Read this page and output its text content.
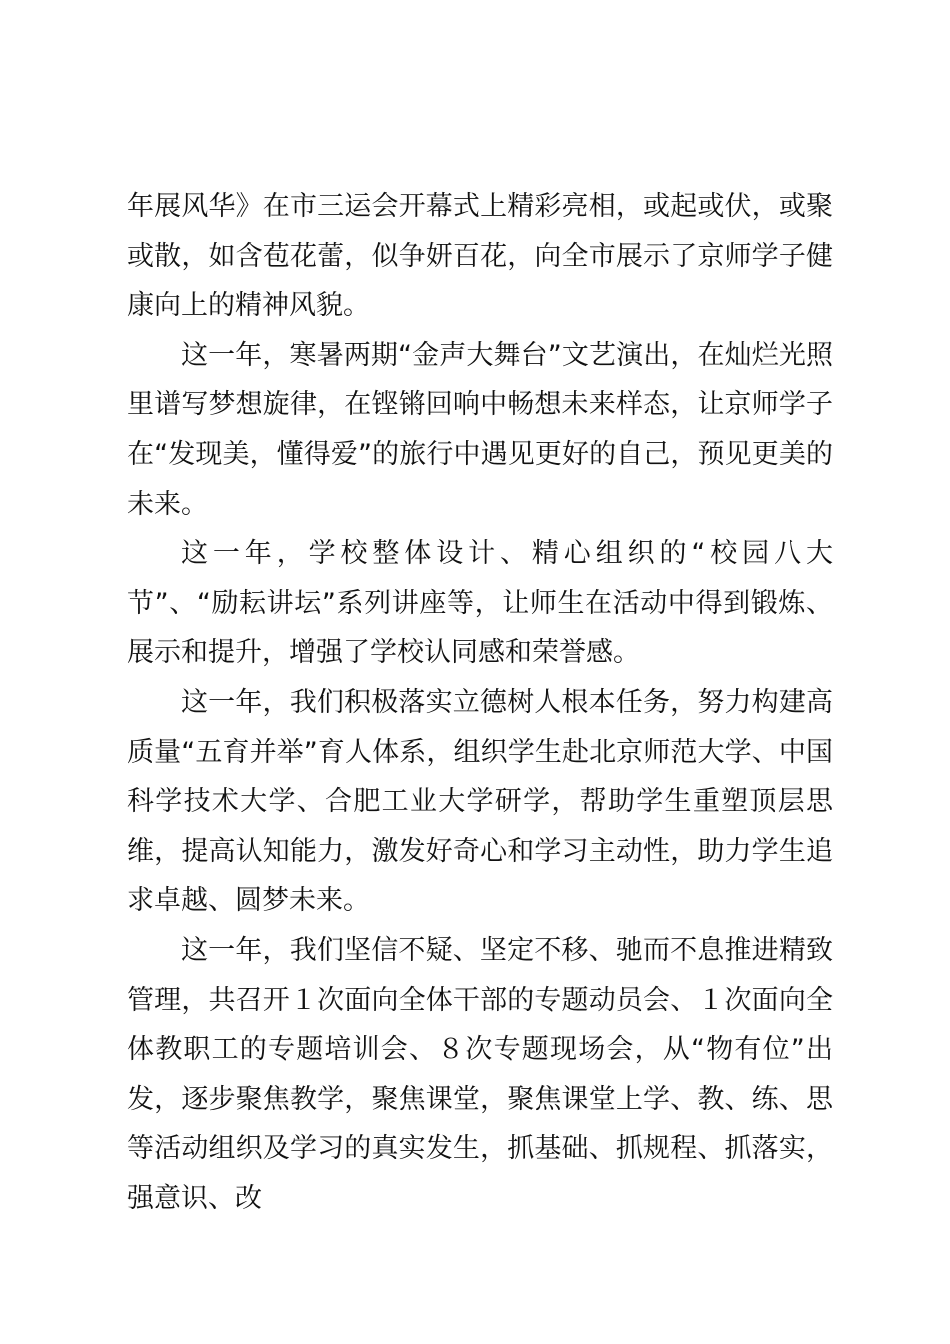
年展风华》在市三运会开幕式上精彩亮相，或起或伏，或聚或散，如含苞花蕾，似争妍百花，向全市展示了京师学子健康向上的精神风貌。

这一年，寒暑两期“金声大舞台”文艺演出，在灿烂光照里谱写梦想旋律，在铿锵回响中畅想未来样态，让京师学子在“发现美，懂得爱”的旅行中遇见更好的自己，预见更美的未来。

这一年，学校整体设计、精心组织的“校园八大节”、“励耘讲坛”系列讲座等，让师生在活动中得到锻炼、展示和提升，增强了学校认同感和荣誉感。

这一年，我们积极落实立德树人根本任务，努力构建高质量“五育并举”育人体系，组织学生赴北京师范大学、中国科学技术大学、合肥工业大学研学，帮助学生重塑顶层思维，提高认知能力，激发好奇心和学习主动性，助力学生追求卓越、圆梦未来。

这一年，我们坚信不疑、坚定不移、驰而不息推进精致管理，共召开１次面向全体干部的专题动员会、１次面向全体教职工的专题培训会、８次专题现场会，从“物有位”出发，逐步聚焦教学，聚焦课堂，聚焦课堂上学、教、练、思等活动组织及学习的真实发生，抓基础、抓规程、抓落实，强意识、改
